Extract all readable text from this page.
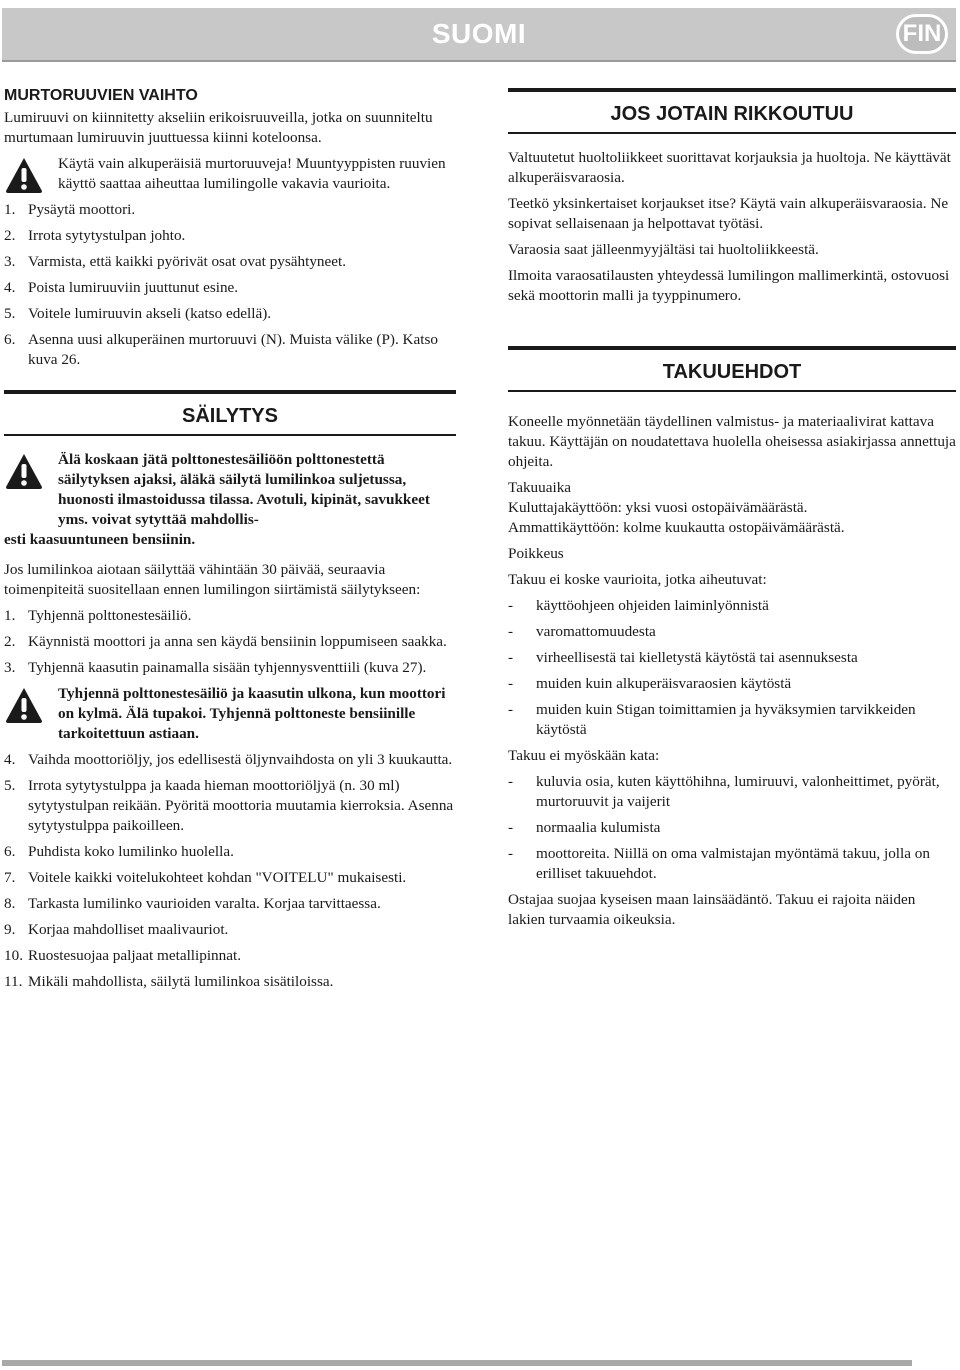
SUOMI	FIN
MURTORUUVIEN VAIHTO

Lumiruuvi on kiinnitetty akseliin erikoisruuveilla, jotka on suunniteltu murtumaan lumiruuvin juuttuessa kiinni koteloonsa.

Käytä vain alkuperäisiä murtoruuveja! Muuntyyppisten ruuvien käyttö saattaa aiheuttaa lumilingolle vakavia vaurioita.
1. Pysäytä moottori.
2. Irrota sytytystulpan johto.
3. Varmista, että kaikki pyörivät osat ovat pysähtyneet.
4. Poista lumiruuviin juuttunut esine.
5. Voitele lumiruuvin akseli (katso edellä).
6. Asenna uusi alkuperäinen murtoruuvi (N). Muista välike (P). Katso kuva 26.
SÄILYTYS
Älä koskaan jätä polttonestesäiliöön polttonestettä säilytyksen ajaksi, äläkä säilytä lumilinkoa suljetussa, huonosti ilmastoidussa tilassa. Avotuli, kipinät, savukkeet yms. voivat sytyttää mahdollis-
esti kaasuuntuneen bensiinin.

Jos lumilinkoa aiotaan säilyttää vähintään 30 päivää, seuraavia toimenpiteitä suositellaan ennen lumilingon siirtämistä säilytykseen:

1. Tyhjennä polttonestesäiliö.
2. Käynnistä moottori ja anna sen käydä bensiinin loppumiseen saakka.
3. Tyhjennä kaasutin painamalla sisään tyhjennysventtiili (kuva 27).
Tyhjennä polttonestesäiliö ja kaasutin ulkona, kun moottori on kylmä. Älä tupakoi. Tyhjennä polttoneste bensiinille tarkoitettuun astiaan.
4. Vaihda moottoriöljy, jos edellisestä öljynvaihdosta on yli 3 kuukautta.
5. Irrota sytytystulppa ja kaada hieman moottoriöljyä (n. 30 ml) sytytystulpan reikään. Pyöritä moottoria muutamia kierroksia. Asenna sytytystulppa paikoilleen.
6. Puhdista koko lumilinko huolella.
7. Voitele kaikki voitelukohteet kohdan "VOITELU" mukaisesti.
8. Tarkasta lumilinko vaurioiden varalta. Korjaa tarvittaessa.
9. Korjaa mahdolliset maalivauriot.
10. Ruostesuojaa paljaat metallipinnat.
11. Mikäli mahdollista, säilytä lumilinkoa sisätiloissa.
JOS JOTAIN RIKKOUTUU

Valtuutetut huoltoliikkeet suorittavat korjauksia ja huoltoja. Ne käyttävät alkuperäisvaraosia.

Teetkö yksinkertaiset korjaukset itse? Käytä vain alkuperäisvaraosia. Ne sopivat sellaisenaan ja helpottavat työtäsi.

Varaosia saat jälleenmyyjältäsi tai huoltoliikkeestä.

Ilmoita varaosatilausten yhteydessä lumilingon mallimerkintä, ostovuosi sekä moottorin malli ja tyyppinumero.

TAKUUEHDOT

Koneelle myönnetään täydellinen valmistus- ja materiaalivirat kattava takuu. Käyttäjän on noudatettava huolella oheisessa asiakirjassa annettuja ohjeita.

Takuuaika
Kuluttajakäyttöön: yksi vuosi ostopäivämäärästä.

Ammattikäyttöön: kolme kuukautta ostopäivämäärästä.

Poikkeus

Takuu ei koske vaurioita, jotka aiheutuvat:

-	käyttöohjeen ohjeiden laiminlyönnistä
-	varomattomuudesta
-	virheellisestä tai kielletystä käytöstä tai asennuksesta
-	muiden kuin alkuperäisvaraosien käytöstä
-	muiden kuin Stigan toimittamien ja hyväksymien tarvikkeiden käytöstä

Takuu ei myöskään kata:

-	kuluvia osia, kuten käyttöhihna, lumiruuvi, valonheittimet, pyörät, murtoruuvit ja vaijerit
-	normaalia kulumista
-	moottoreita. Niillä on oma valmistajan myöntämä takuu, jolla on erilliset takuuehdot.

Ostajaa suojaa kyseisen maan lainsäädäntö. Takuu ei rajoita näiden lakien turvaamia oikeuksia.
